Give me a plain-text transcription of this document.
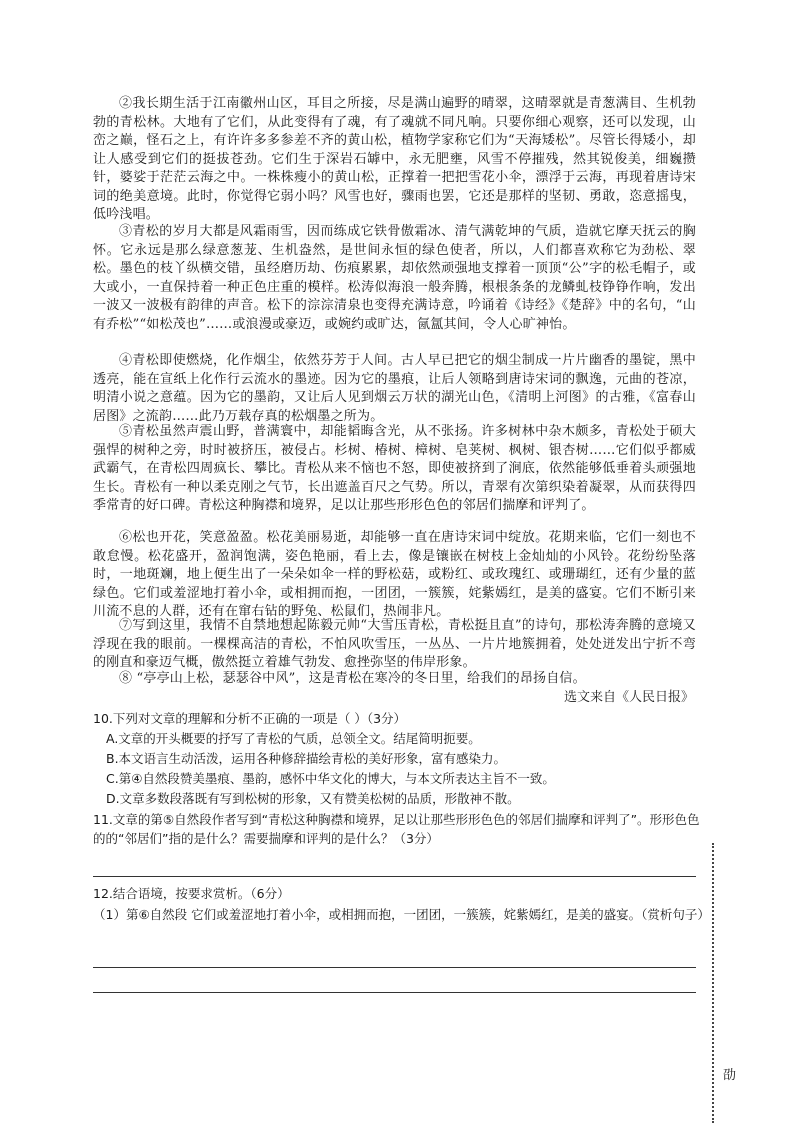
②我长期生活于江南徽州山区，耳目之所接，尽是满山遍野的晴翠，这晴翠就是青葱满目、生机勃勃的青松林。大地有了它们，从此变得有了魂，有了魂就不同凡响。只要你细心观察，还可以发现，山峦之巅，怪石之上，有许许多多参差不齐的黄山松，植物学家称它们为“天海矮松”。尽管长得矮小，却让人感受到它们的挺拔苍劲。它们生于深岩石罅中，永无肥壅，风雪不停摧残，然其锐俊美，细巍攒针，婆娑于茫茫云海之中。一株株瘦小的黄山松，正撑着一把把雪花小伞，漂浮于云海，再现着唐诗宋词的绝美意境。此时，你觉得它弱小吗？风雪也好，骤雨也罢，它还是那样的坚韧、勇敢，恣意摇曳，低吟浅唱。

③青松的岁月大都是风霜雨雪，因而练成它铁骨傲霜冰、清气满乾坤的气质，造就它摩天抚云的胸怀。它永远是那么绿意葱茏、生机盎然，是世间永恒的绿色使者，所以，人们都喜欢称它为劲松、翠松。墨色的枝丫纵横交错，虽经磨历劫、伤痕累累，却依然顽强地支撑着一顶顶“公”字的松毛帽子，或大或小，一直保持着一种正色庄重的模样。松涛似海浪一般奔腾，根根条条的龙鳞虬枝铮铮作响，发出一波又一波极有韵律的声音。松下的淙淙清泉也变得充满诗意，吟诵着《诗经》《楚辞》中的名句，“山有乔松”“如松茂也”……或浪漫或豪迈，或婉约或旷达，氤氲其间，令人心旷神怡。

④青松即使燃烧，化作烟尘，依然芬芳于人间。古人早已把它的烟尘制成一片片幽香的墨锭，黑中透亮，能在宣纸上化作行云流水的墨迹。因为它的墨痕，让后人领略到唐诗宋词的飘逸，元曲的苍凉，明清小说之意蕴。因为它的墨韵，又让后人见到烟云万状的湖光山色，《清明上河图》的古雅，《富春山居图》之流韵……此乃万载存真的松烟墨之所为。

⑤青松虽然声震山野，普满寰中，却能韬晦含光，从不张扬。许多树林中杂木颇多，青松处于硕大强悍的树种之旁，时时被挤压，被侵占。杉树、椿树、樟树、皂荚树、枫树、银杏树……它们似乎都威武霸气，在青松四周疯长、攀比。青松从来不恼也不怒，即使被挤到了涧底，依然能够低垂着头顽强地生长。青松有一种以柔克刚之气节，长出遮盖百尺之气势。所以，青翠有次第织染着凝翠，从而获得四季常青的好口碑。青松这种胸襟和境界，足以让那些形形色色的邻居们揣摩和评判了。

⑥松也开花，笑意盈盈。松花美丽易逝，却能够一直在唐诗宋词中绽放。花期来临，它们一刻也不敢怠慢。松花盛开，盈润饱满，姿色艳丽，看上去，像是镶嵌在树枝上金灿灿的小风铃。花纷纷坠落时，一地斑斓，地上便生出了一朵朵如伞一样的野松菇，或粉红、或玫瑰红、或珊瑚红，还有少量的蓝绿色。它们或羞涩地打着小伞，或相拥而抱，一团团，一簇簇，姹紫嫣红，是美的盛宴。它们不断引来川流不息的人群，还有在窜右钻的野兔、松鼠们，热闹非凡。

⑦写到这里，我情不自禁地想起陈毅元帅“大雪压青松，青松挺且直”的诗句，那松涛奔腾的意境又浮现在我的眼前。一棵棵高洁的青松，不怕风吹雪压，一丛丛、一片片地簇拥着，处处迸发出宁折不弯的刚直和豪迈气概，傲然挺立着雄气勃发、愈挫弥坚的伟岸形象。

⑧ “亭亭山上松，瑟瑟谷中风”，这是青松在寒冷的冬日里，给我们的昂扬自信。

选文来自《人民日报》

10.下列对文章的理解和分析不正确的一项是（ ）（3分）

A.文章的开头概要的抒写了青松的气质，总领全文。结尾简明扼要。

B.本文语言生动活泼，运用各种修辞描绘青松的美好形象，富有感染力。

C.第④自然段赞美墨痕、墨韵，感怀中华文化的博大，与本文所表达主旨不一致。

D.文章多数段落既有写到松树的形象，又有赞美松树的品质，形散神不散。

11.文章的第⑤自然段作者写到“青松这种胸襟和境界，足以让那些形形色色的邻居们揣摩和评判了”。形形色色的的“邻居们”指的是什么？需要揣摩和评判的是什么？（3分）

12.结合语境，按要求赏析。（6分）

（1）第⑥自然段 它们或羞涩地打着小伞，或相拥而抱，一团团，一簇簇，姹紫嫣红，是美的盛宴。（赏析句子）

劭
